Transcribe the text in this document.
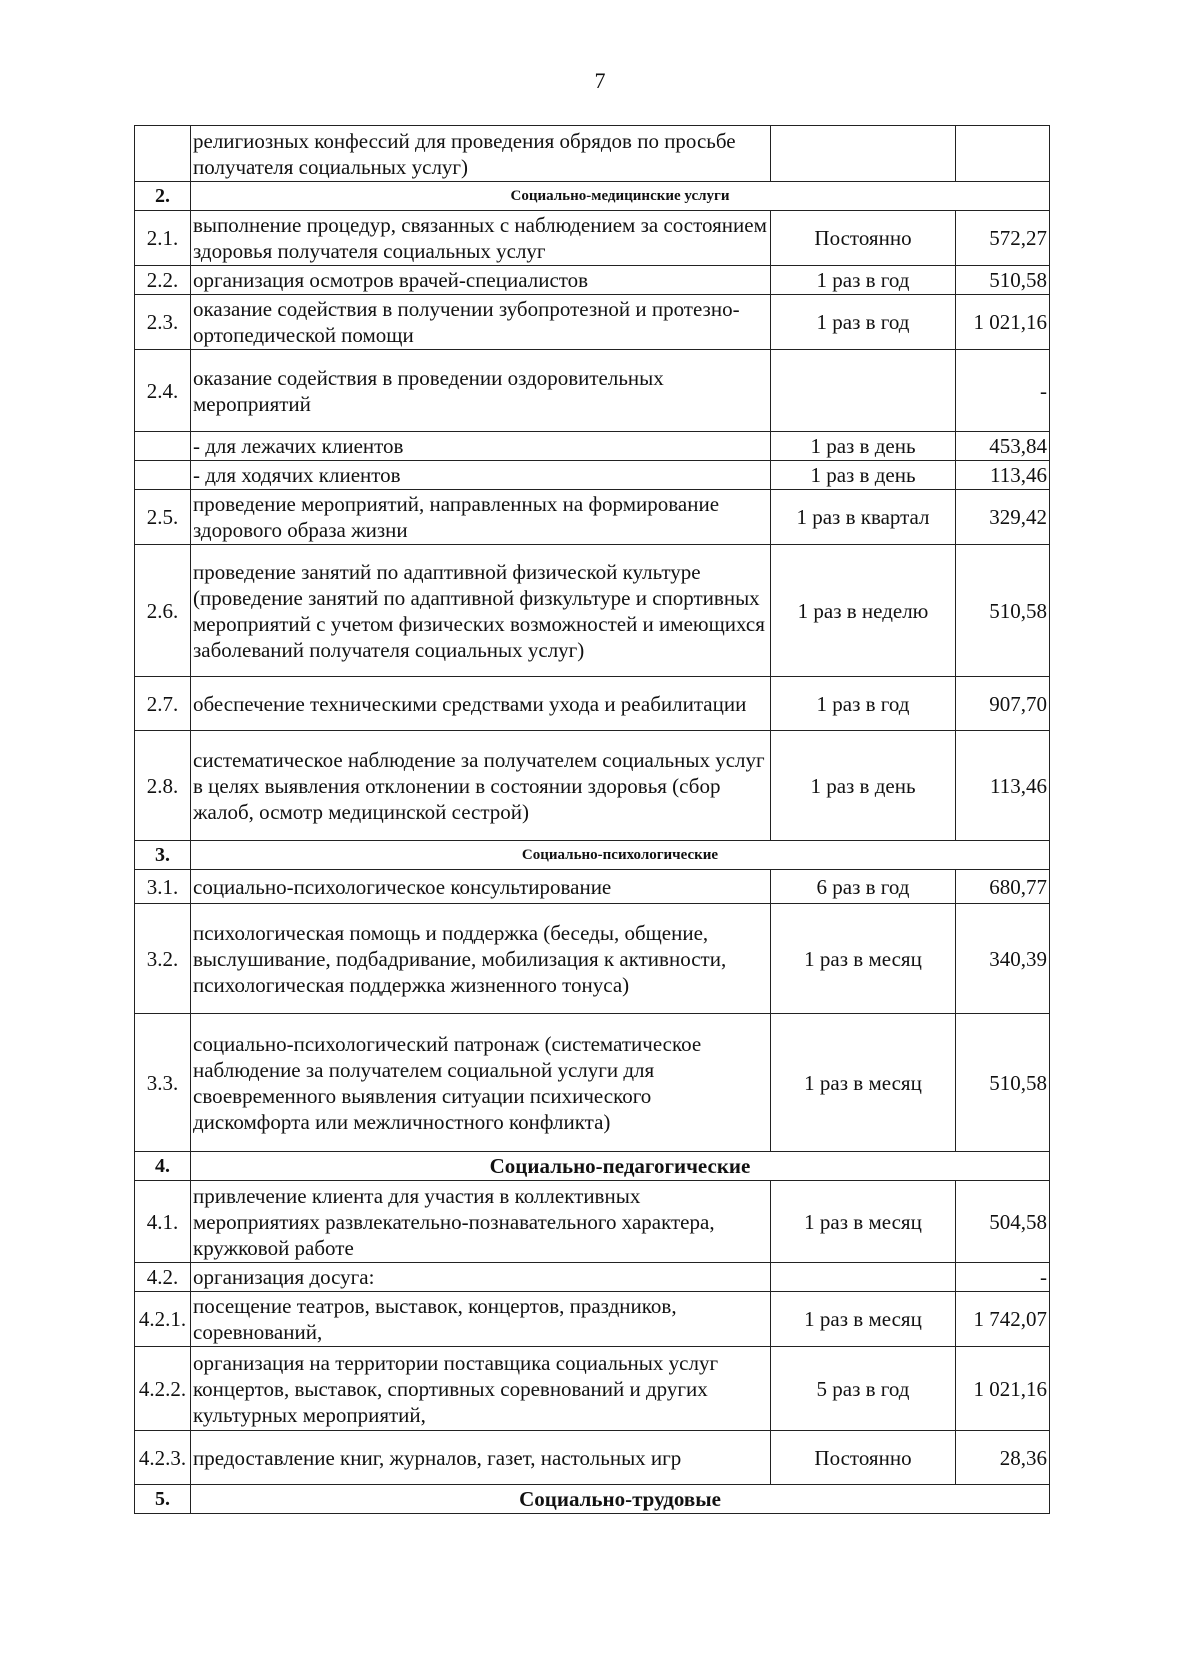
7
	религиозных конфессий для проведения обрядов по просьбе получателя социальных услуг)		
2.	Социально-медицинские услуги		
2.1.	выполнение процедур, связанных с наблюдением за состоянием здоровья получателя социальных услуг	Постоянно	572,27
2.2.	организация осмотров врачей-специалистов	1 раз в год	510,58
2.3.	оказание содействия в получении зубопротезной и протезно-ортопедической помощи	1 раз в год	1 021,16
2.4.	оказание содействия в проведении оздоровительных мероприятий		-
	- для лежачих клиентов	1 раз в день	453,84
	- для ходячих клиентов	1 раз в день	113,46
2.5.	проведение мероприятий, направленных на формирование здорового образа жизни	1 раз в квартал	329,42
2.6.	проведение занятий по адаптивной физической культуре (проведение занятий по адаптивной физкультуре и спортивных мероприятий с учетом физических возможностей и имеющихся заболеваний получателя социальных услуг)	1 раз в неделю	510,58
2.7.	обеспечение техническими средствами ухода и реабилитации	1 раз в год	907,70
2.8.	систематическое наблюдение за получателем социальных услуг в целях выявления отклонении в состоянии здоровья (сбор жалоб, осмотр медицинской сестрой)	1 раз в день	113,46
3.	Социально-психологические		
3.1.	социально-психологическое консультирование	6 раз в год	680,77
3.2.	психологическая помощь и поддержка (беседы, общение, выслушивание, подбадривание, мобилизация к активности, психологическая поддержка жизненного тонуса)	1 раз в месяц	340,39
3.3.	социально-психологический патронаж (систематическое наблюдение за получателем социальной услуги для своевременного выявления ситуации психического дискомфорта или межличностного конфликта)	1 раз в месяц	510,58
4.	Социально-педагогические		
4.1.	привлечение клиента для участия в коллективных мероприятиях развлекательно-познавательного характера, кружковой работе	1 раз в месяц	504,58
4.2.	организация досуга:		-
4.2.1.	посещение театров, выставок, концертов, праздников, соревнований,	1 раз в месяц	1 742,07
4.2.2.	организация на территории поставщика социальных услуг концертов, выставок, спортивных соревнований и других культурных мероприятий,	5 раз в год	1 021,16
4.2.3.	предоставление книг, журналов, газет, настольных игр	Постоянно	28,36
5.	Социально-трудовые		
